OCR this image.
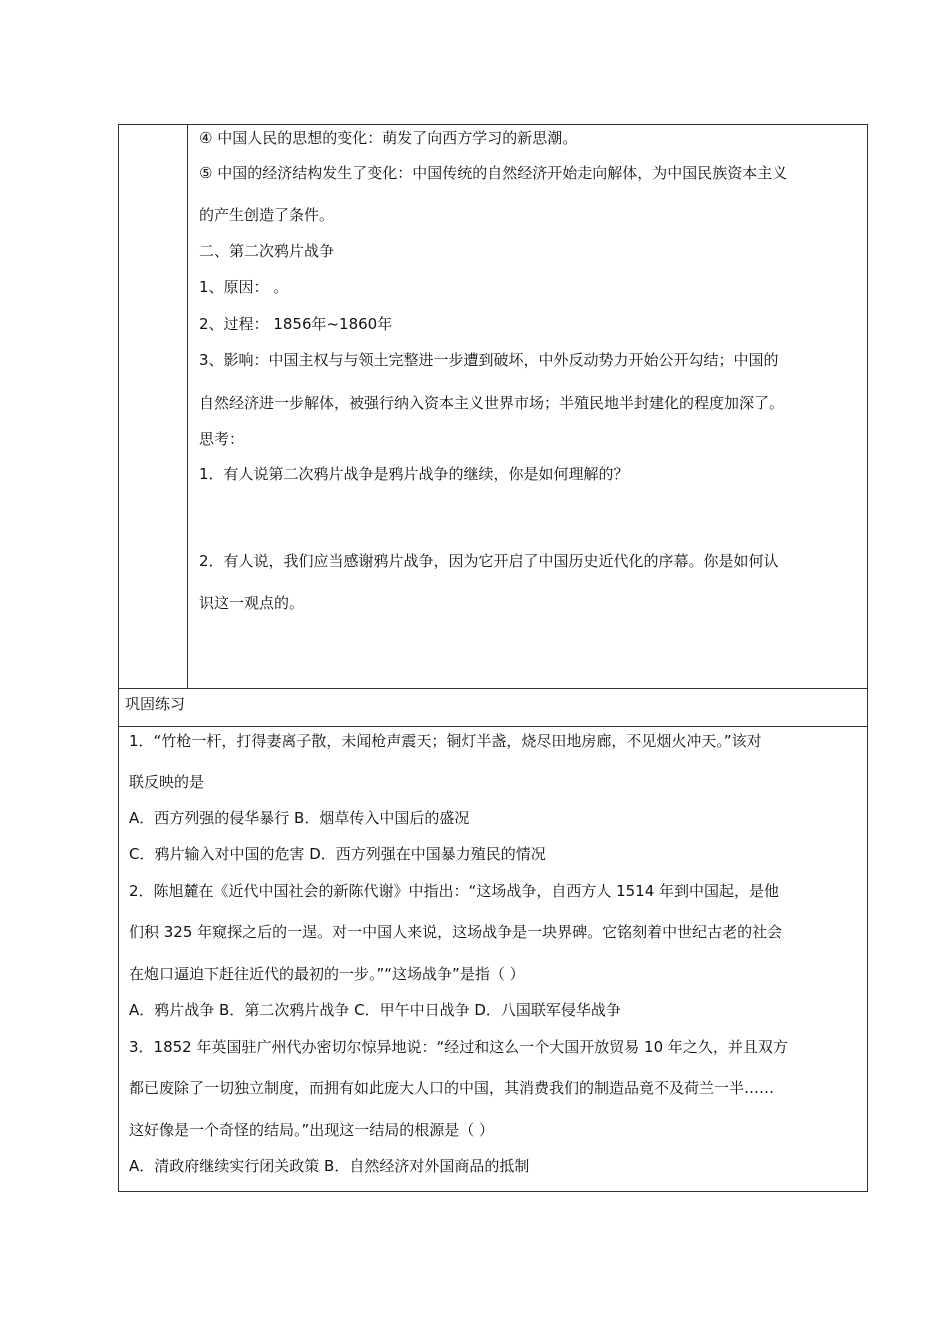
④ 中国人民的思想的变化：萌发了向西方学习的新思潮。
⑤ 中国的经济结构发生了变化：中国传统的自然经济开始走向解体，为中国民族资本主义
的产生创造了条件。
二、第二次鸦片战争
1、原因： 。
2、过程： 1856年~1860年
3、影响：中国主权与与领土完整进一步遭到破坏，中外反动势力开始公开勾结；中国的
自然经济进一步解体，被强行纳入资本主义世界市场；半殖民地半封建化的程度加深了。
思考：
1．有人说第二次鸦片战争是鸦片战争的继续，你是如何理解的？
2．有人说，我们应当感谢鸦片战争，因为它开启了中国历史近代化的序幕。你是如何认
识这一观点的。
巩固练习
1．“竹枪一杆，打得妻离子散，未闻枪声震天；铜灯半盏，烧尽田地房廊，不见烟火冲天。”该对
联反映的是
A．西方列强的侵华暴行 B．烟草传入中国后的盛况
C．鸦片输入对中国的危害 D．西方列强在中国暴力殖民的情况
2．陈旭麓在《近代中国社会的新陈代谢》中指出：“这场战争，自西方人 1514 年到中国起，是他
们积 325 年窥探之后的一逞。对一中国人来说，这场战争是一块界碑。它铭刻着中世纪古老的社会
在炮口逼迫下赶往近代的最初的一步。”“这场战争”是指（ ）
A．鸦片战争 B．第二次鸦片战争 C．甲午中日战争 D．八国联军侵华战争
3．1852 年英国驻广州代办密切尔惊异地说：“经过和这么一个大国开放贸易 10 年之久，并且双方
都已废除了一切独立制度，而拥有如此庞大人口的中国，其消费我们的制造品竟不及荷兰一半……
这好像是一个奇怪的结局。”出现这一结局的根源是（ ）
A．清政府继续实行闭关政策 B．自然经济对外国商品的抵制
